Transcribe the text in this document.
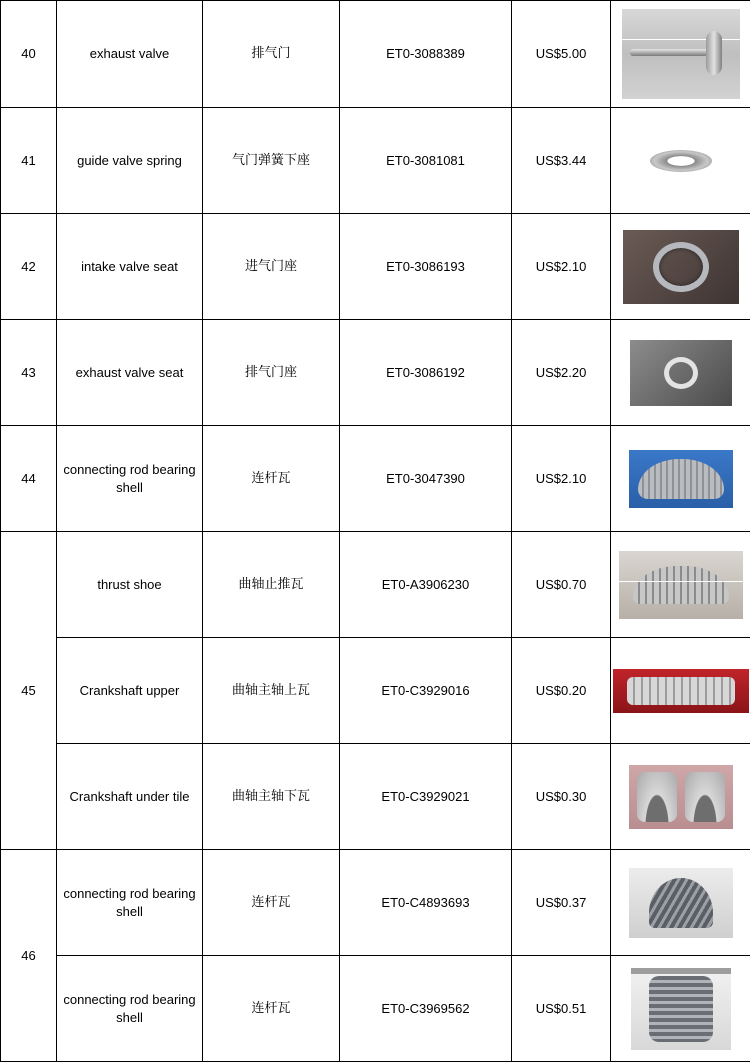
40	exhaust valve	排气门	ET0-3088389	US$5.00	

41	guide valve spring	气门弹簧下座	ET0-3081081	US$3.44	

42	intake valve seat	进气门座	ET0-3086193	US$2.10	

43	exhaust valve seat	排气门座	ET0-3086192	US$2.20	

44	connecting rod bearing shell	连杆瓦	ET0-3047390	US$2.10	

45	thrust shoe	曲轴止推瓦	ET0-A3906230	US$0.70	

	Crankshaft upper	曲轴主轴上瓦	ET0-C3929016	US$0.20	

	Crankshaft under tile	曲轴主轴下瓦	ET0-C3929021	US$0.30	

46	connecting rod bearing shell	连杆瓦	ET0-C4893693	US$0.37	

	connecting rod bearing shell	连杆瓦	ET0-C3969562	US$0.51	
